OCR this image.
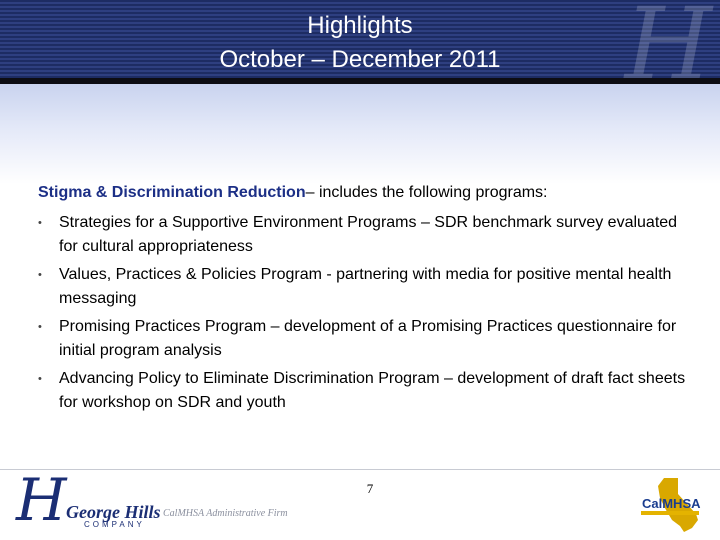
H
Highlights
October – December 2011
Stigma & Discrimination Reduction– includes the following programs:
• Strategies for a Supportive Environment Programs – SDR benchmark survey evaluated for cultural appropriateness
• Values, Practices & Policies Program - partnering with media for positive mental health messaging
• Promising Practices Program – development of a Promising Practices questionnaire for initial program analysis
• Advancing Policy to Eliminate Discrimination Program – development of draft fact sheets for workshop on SDR and youth
7
H George Hills
COMPANY
CalMHSA Administrative Firm
CalMHSA
